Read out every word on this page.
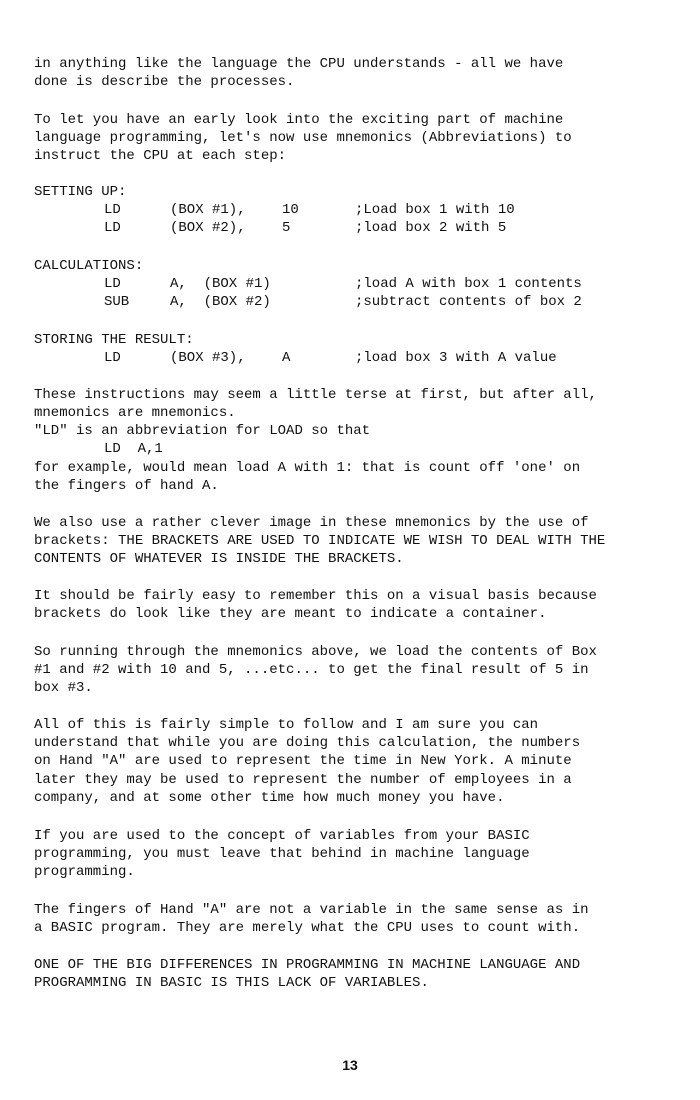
in anything like the language the CPU understands - all we have
done is describe the processes.
To let you have an early look into the exciting part of machine
language programming, let's now use mnemonics (Abbreviations) to
instruct the CPU at each step:
SETTING UP:
LD	(BOX #1),	10	;Load box 1 with 10
LD	(BOX #2),	5	;load box 2 with 5
CALCULATIONS:
LD	A,  (BOX #1)	;load A with box 1 contents
SUB	A,  (BOX #2)	;subtract contents of box 2
STORING THE RESULT:
LD	(BOX #3),	A	;load box 3 with A value
These instructions may seem a little terse at first, but after all,
mnemonics are mnemonics.
"LD" is an abbreviation for LOAD so that
LD  A,1
for example, would mean load A with 1: that is count off 'one' on
the fingers of hand A.
We also use a rather clever image in these mnemonics by the use of
brackets: THE BRACKETS ARE USED TO INDICATE WE WISH TO DEAL WITH THE
CONTENTS OF WHATEVER IS INSIDE THE BRACKETS.
It should be fairly easy to remember this on a visual basis because
brackets do look like they are meant to indicate a container.
So running through the mnemonics above, we load the contents of Box
#1 and #2 with 10 and 5, ...etc... to get the final result of 5 in
box #3.
All of this is fairly simple to follow and I am sure you can
understand that while you are doing this calculation, the numbers
on Hand "A" are used to represent the time in New York. A minute
later they may be used to represent the number of employees in a
company, and at some other time how much money you have.
If you are used to the concept of variables from your BASIC
programming, you must leave that behind in machine language
programming.
The fingers of Hand "A" are not a variable in the same sense as in
a BASIC program. They are merely what the CPU uses to count with.
ONE OF THE BIG DIFFERENCES IN PROGRAMMING IN MACHINE LANGUAGE AND
PROGRAMMING IN BASIC IS THIS LACK OF VARIABLES.
13
